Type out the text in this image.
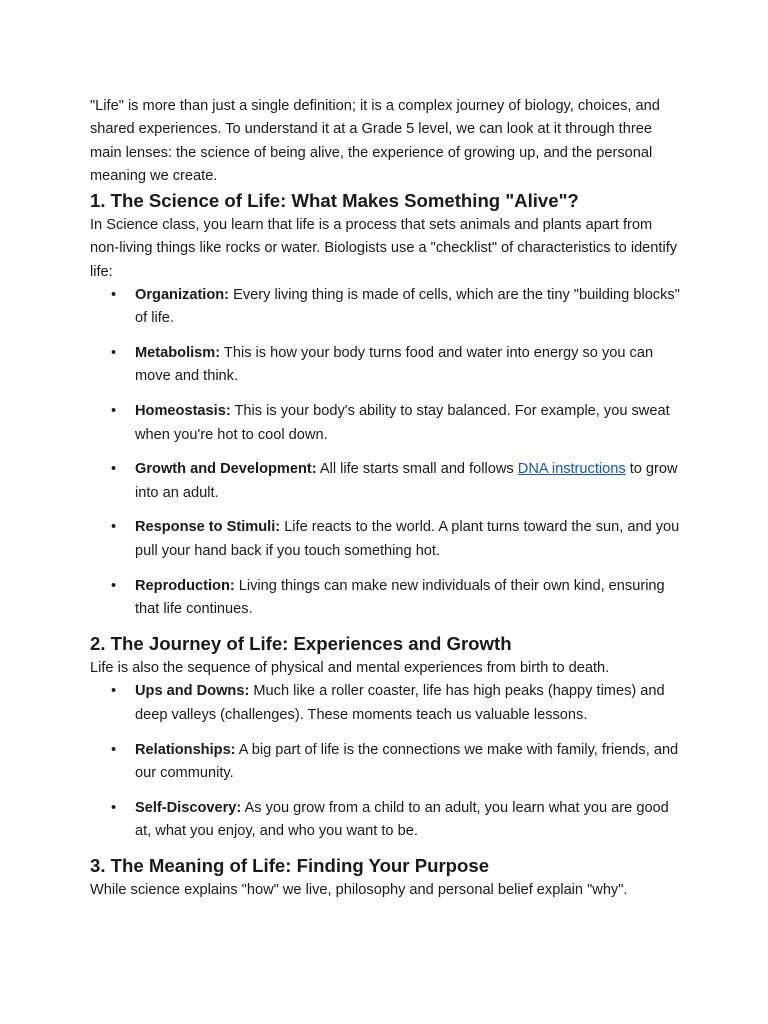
"Life" is more than just a single definition; it is a complex journey of biology, choices, and shared experiences. To understand it at a Grade 5 level, we can look at it through three main lenses: the science of being alive, the experience of growing up, and the personal meaning we create.

1. The Science of Life: What Makes Something "Alive"?

In Science class, you learn that life is a process that sets animals and plants apart from non-living things like rocks or water. Biologists use a "checklist" of characteristics to identify life:

• Organization: Every living thing is made of cells, which are the tiny "building blocks" of life.
• Metabolism: This is how your body turns food and water into energy so you can move and think.
• Homeostasis: This is your body's ability to stay balanced. For example, you sweat when you're hot to cool down.
• Growth and Development: All life starts small and follows DNA instructions to grow into an adult.
• Response to Stimuli: Life reacts to the world. A plant turns toward the sun, and you pull your hand back if you touch something hot.
• Reproduction: Living things can make new individuals of their own kind, ensuring that life continues.
2. The Journey of Life: Experiences and Growth

Life is also the sequence of physical and mental experiences from birth to death.

• Ups and Downs: Much like a roller coaster, life has high peaks (happy times) and deep valleys (challenges). These moments teach us valuable lessons.
• Relationships: A big part of life is the connections we make with family, friends, and our community.
• Self-Discovery: As you grow from a child to an adult, you learn what you are good at, what you enjoy, and who you want to be.
3. The Meaning of Life: Finding Your Purpose

While science explains "how" we live, philosophy and personal belief explain "why".
